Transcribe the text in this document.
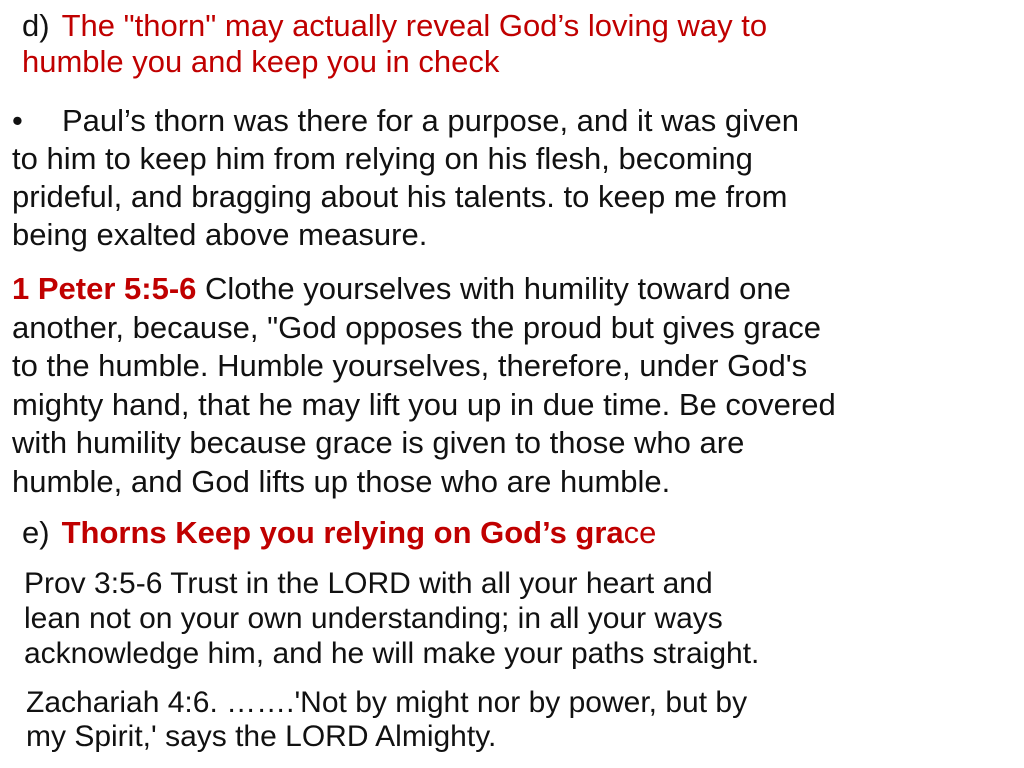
d) The "thorn" may actually reveal God’s loving way to
humble you and keep you in check
• Paul’s thorn was there for a purpose, and it was given
to him to keep him from relying on his flesh, becoming
prideful, and bragging about his talents. to keep me from
being exalted above measure.
1 Peter 5:5-6 Clothe yourselves with humility toward one
another, because, "God opposes the proud but gives grace
to the humble. Humble yourselves, therefore, under God's
mighty hand, that he may lift you up in due time. Be covered
with humility because grace is given to those who are
humble, and God lifts up those who are humble.
e) Thorns Keep you relying on God’s grace
Prov 3:5-6 Trust in the LORD with all your heart and
lean not on your own understanding; in all your ways
acknowledge him, and he will make your paths straight.
Zachariah 4:6. …….'Not by might nor by power, but by
my Spirit,' says the LORD Almighty.
